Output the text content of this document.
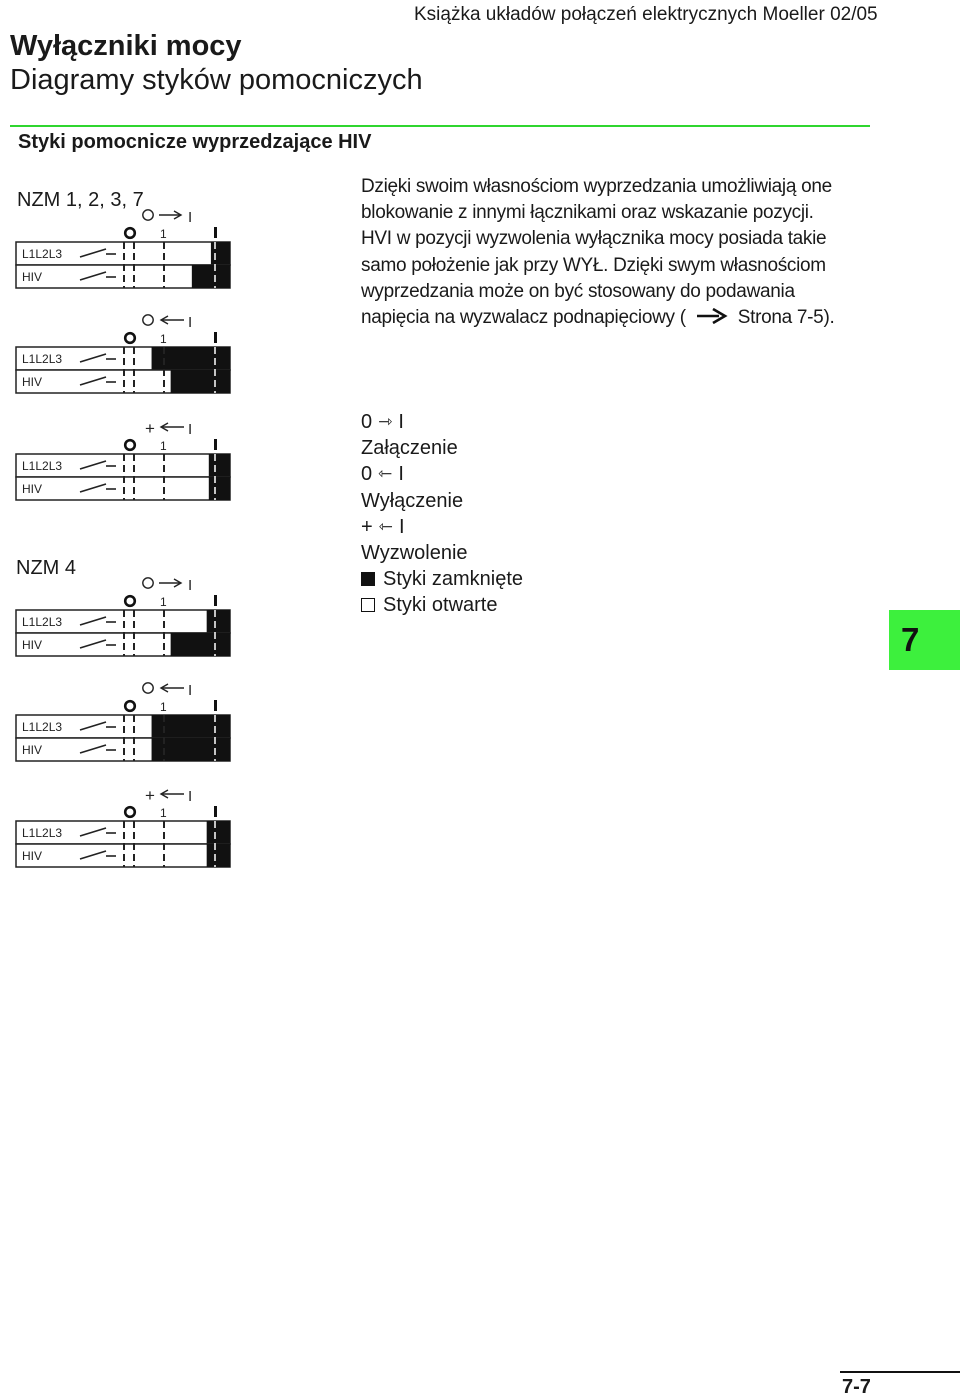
Książka układów połączeń elektrycznych Moeller 02/05
Wyłączniki mocy
Diagramy styków pomocniczych
Styki pomocnicze wyprzedzające HIV
NZM 1, 2, 3, 7
NZM 4
I
1
L1L2L3
HIV
I
1
L1L2L3
HIV
+ I
1
L1L2L3
HIV
I
1
L1L2L3
HIV
I
1
L1L2L3
HIV
+ I
1
L1L2L3
HIV
Dzięki swoim własnościom wyprzedzania umożliwiają one
blokowanie z innymi łącznikami oraz wskazanie pozycji.
HVI w pozycji wyzwolenia wyłącznika mocy posiada takie
samo położenie jak przy WYŁ. Dzięki swym własnościom
wyprzedzania może on być stosowany do podawania
napięcia na wyzwalacz podnapięciowy (	Strona 7-5).
0 ⇾ I
Załączenie
0 ⇽ I
Wyłączenie
+ ⇽ I
Wyzwolenie
Styki zamknięte
Styki otwarte
7
7-7
